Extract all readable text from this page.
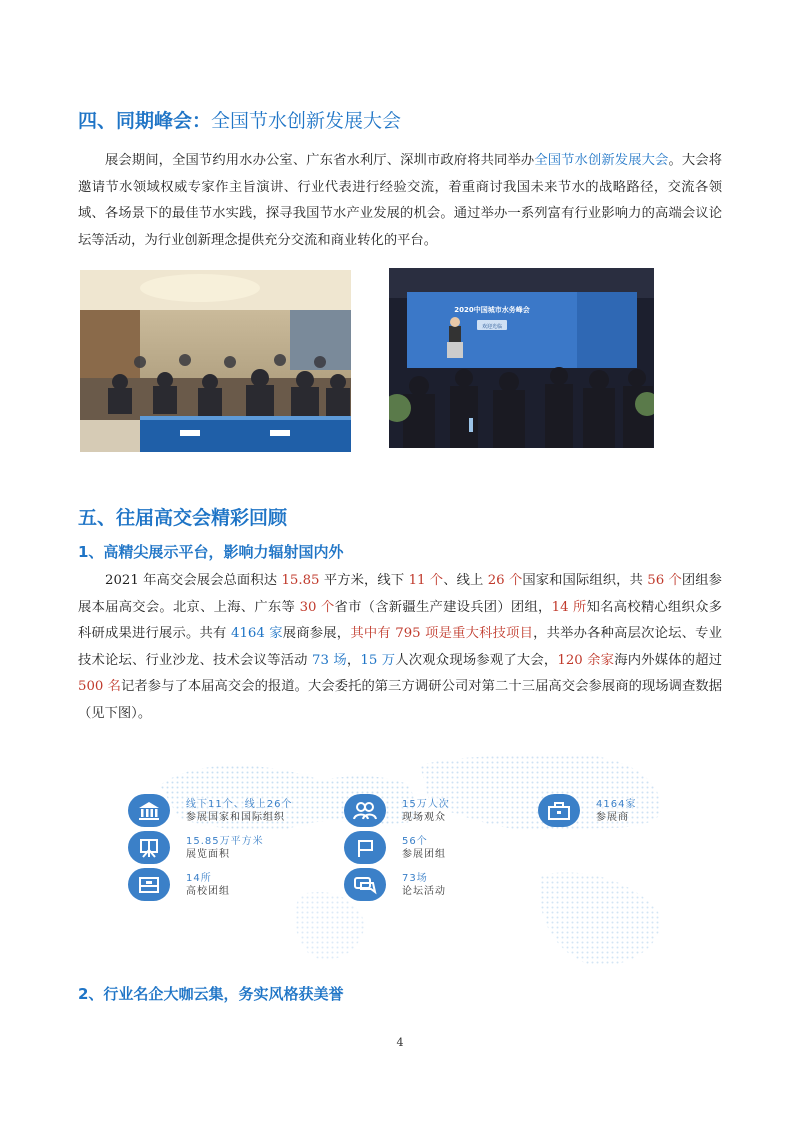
四、同期峰会：全国节水创新发展大会

展会期间，全国节约用水办公室、广东省水利厅、深圳市政府将共同举办全国节水创新发展大会。大会将邀请节水领域权威专家作主旨演讲、行业代表进行经验交流，着重商讨我国未来节水的战略路径，交流各领域、各场景下的最佳节水实践，探寻我国节水产业发展的机会。通过举办一系列富有行业影响力的高端会议论坛等活动，为行业创新理念提供充分交流和商业转化的平台。

2020中国城市水务峰会
欢迎光临
五、往届高交会精彩回顾
1、高精尖展示平台，影响力辐射国内外

2021 年高交会展会总面积达 15.85 平方米，线下 11 个、线上 26 个国家和国际组织，共 56 个团组参展本届高交会。北京、上海、广东等 30 个省市（含新疆生产建设兵团）团组，14 所知名高校精心组织众多科研成果进行展示。共有 4164 家展商参展，其中有 795 项是重大科技项目，共举办各种高层次论坛、专业技术论坛、行业沙龙、技术会议等活动 73 场，15 万人次观众现场参观了大会，120 余家海内外媒体的超过 500 名记者参与了本届高交会的报道。大会委托的第三方调研公司对第二十三届高交会参展商的现场调查数据（见下图）。

线下11个、线上26个
参展国家和国际组织
15万人次
现场观众
4164家
参展商
15.85万平方米
展览面积
56个
参展团组
14所
高校团组
73场
论坛活动
2、行业名企大咖云集，务实风格获美誉
4
